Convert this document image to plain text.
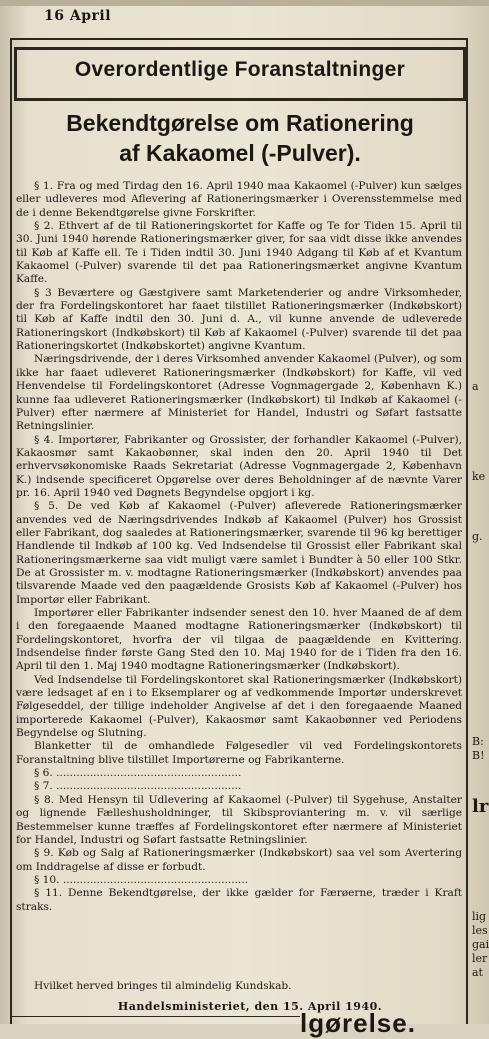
16 April
Overordentlige Foranstaltninger
Bekendtgørelse om Rationering
af Kakaomel (-Pulver).

§ 1. Fra og med Tirdag den 16. April 1940 maa Kakaomel (-Pulver) kun sælges eller udleveres mod Aflevering af Rationeringsmærker i Overensstemmelse med de i denne Bekendtgørelse givne Forskrifter.

§ 2. Ethvert af de til Rationeringskortet for Kaffe og Te for Tiden 15. April til 30. Juni 1940 hørende Rationeringsmærker giver, for saa vidt disse ikke anvendes til Køb af Kaffe ell. Te i Tiden indtil 30. Juni 1940 Adgang til Køb af et Kvantum Kakaomel (-Pulver) svarende til det paa Rationeringsmærket angivne Kvantum Kaffe.

§ 3 Beværtere og Gæstgivere samt Marketenderier og andre Virksomheder, der fra Fordelingskontoret har faaet tilstillet Rationeringsmærker (Indkøbskort) til Køb af Kaffe indtil den 30. Juni d. A., vil kunne anvende de udleverede Rationeringskort (Indkøbskort) til Køb af Kakaomel (-Pulver) svarende til det paa Rationeringskortet (Indkøbskortet) angivne Kvantum.

Næringsdrivende, der i deres Virksomhed anvender Kakaomel (Pulver), og som ikke har faaet udleveret Rationeringsmærker (Indkøbskort) for Kaffe, vil ved Henvendelse til Fordelingskontoret (Adresse Vognmagergade 2, København K.) kunne faa udleveret Rationeringsmærker (Indkøbskort) til Indkøb af Kakaomel (-Pulver) efter nærmere af Ministeriet for Handel, Industri og Søfart fastsatte Retningslinier.

§ 4. Importører, Fabrikanter og Grossister, der forhandler Kakaomel (-Pulver), Kakaosmør samt Kakaobønner, skal inden den 20. April 1940 til Det erhvervsøkonomiske Raads Sekretariat (Adresse Vognmagergade 2, København K.) indsende specificeret Opgørelse over deres Beholdninger af de nævnte Varer pr. 16. April 1940 ved Døgnets Begyndelse opgjort i kg.

§ 5. De ved Køb af Kakaomel (-Pulver) afleverede Rationeringsmærker anvendes ved de Næringsdrivendes Indkøb af Kakaomel (Pulver) hos Grossist eller Fabrikant, dog saaledes at Rationeringsmærker, svarende til 96 kg berettiger Handlende til Indkøb af 100 kg. Ved Indsendelse til Grossist eller Fabrikant skal Rationeringsmærkerne saa vidt muligt være samlet i Bundter à 50 eller 100 Stkr. De at Grossister m. v. modtagne Rationeringsmærker (Indkøbskort) anvendes paa tilsvarende Maade ved den paagældende Grosists Køb af Kakaomel (-Pulver) hos Importør eller Fabrikant.

Importører eller Fabrikanter indsender senest den 10. hver Maaned de af dem i den foregaaende Maaned modtagne Rationeringsmærker (Indkøbskort) til Fordelingskontoret, hvorfra der vil tilgaa de paagældende en Kvittering. Indsendelse finder første Gang Sted den 10. Maj 1940 for de i Tiden fra den 16. April til den 1. Maj 1940 modtagne Rationeringsmærker (Indkøbskort).

Ved Indsendelse til Fordelingskontoret skal Rationeringsmærker (Indkøbskort) være ledsaget af en i to Eksemplarer og af vedkommende Importør underskrevet Følgeseddel, der tillige indeholder Angivelse af det i den foregaaende Maaned importerede Kakaomel (-Pulver), Kakaosmør samt Kakaobønner ved Periodens Begyndelse og Slutning.

Blanketter til de omhandlede Følgesedler vil ved Fordelingskontorets Foranstaltning blive tilstillet Importørerne og Fabrikanterne.

§ 6. .......................................................

§ 7. .......................................................

§ 8. Med Hensyn til Udlevering af Kakaomel (-Pulver) til Sygehuse, Anstalter og lignende Fælleshusholdninger, til Skibsproviantering m. v. vil særlige Bestemmelser kunne træffes af Fordelingskontoret efter nærmere af Ministeriet for Handel, Industri og Søfart fastsatte Retningslinier.

§ 9. Køb og Salg af Rationeringsmærker (Indkøbskort) saa vel som Avertering om Inddragelse af disse er forbudt.

§ 10. .......................................................

§ 11. Denne Bekendtgørelse, der ikke gælder for Færøerne, træder i Kraft straks.

Hvilket herved bringes til almindelig Kundskab.
Handelsministeriet, den 15. April 1940.
lgørelse.
a
ke
g.
B:
B!
lr
lig
les
gai
ler
at
